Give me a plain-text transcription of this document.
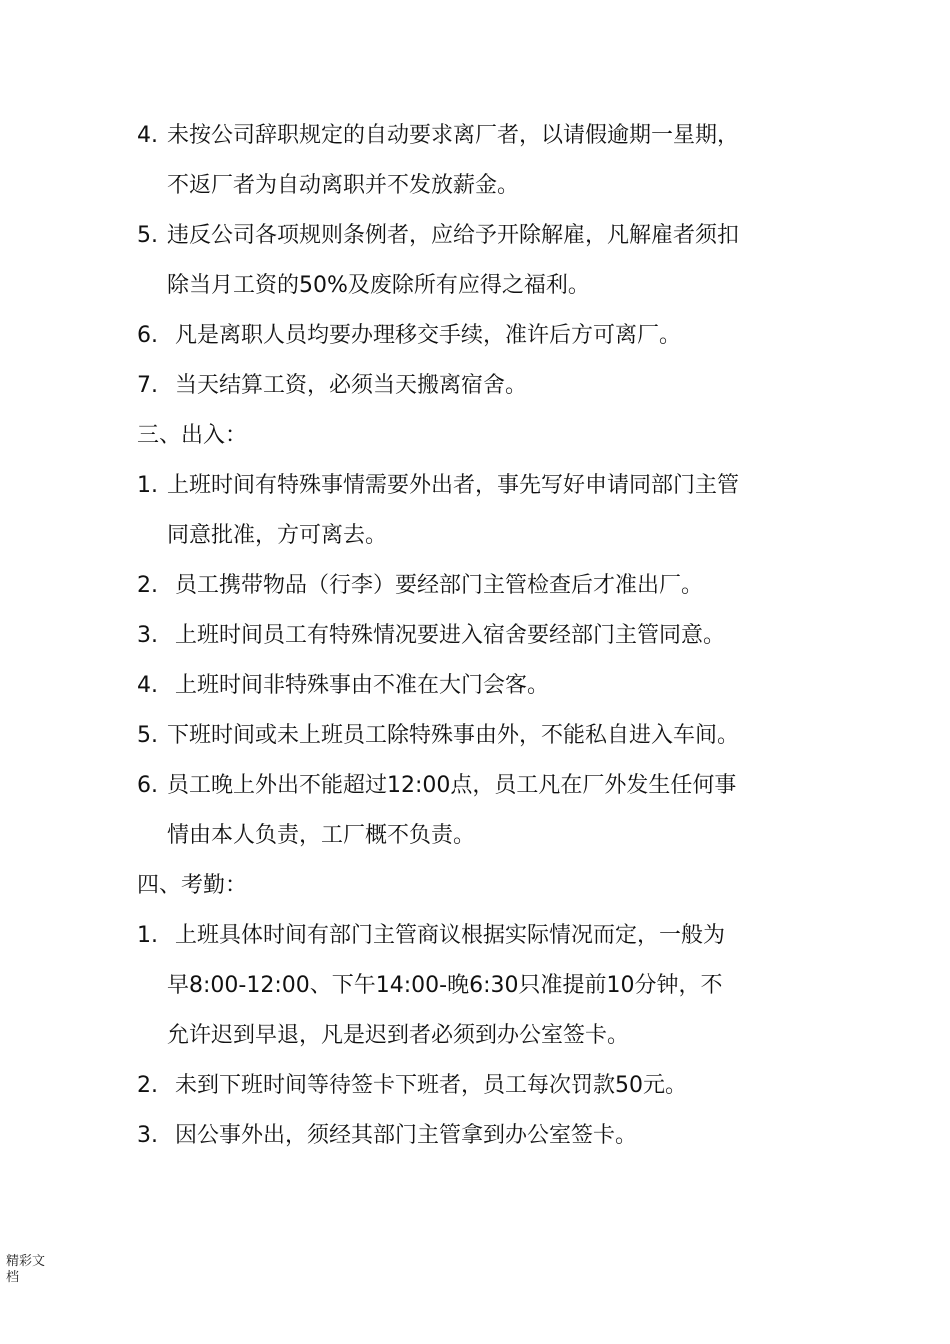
4. 未按公司辞职规定的自动要求离厂者，以请假逾期一星期，
不返厂者为自动离职并不发放薪金。
5. 违反公司各项规则条例者，应给予开除解雇，凡解雇者须扣
除当月工资的50%及废除所有应得之福利。
6. 凡是离职人员均要办理移交手续，准许后方可离厂。
7. 当天结算工资，必须当天搬离宿舍。
三、出入：
1. 上班时间有特殊事情需要外出者，事先写好申请同部门主管
同意批准，方可离去。
2. 员工携带物品（行李）要经部门主管检查后才准出厂。
3. 上班时间员工有特殊情况要进入宿舍要经部门主管同意。
4. 上班时间非特殊事由不准在大门会客。
5. 下班时间或未上班员工除特殊事由外，不能私自进入车间。
6. 员工晚上外出不能超过12:00点，员工凡在厂外发生任何事
情由本人负责，工厂概不负责。
四、考勤：
1. 上班具体时间有部门主管商议根据实际情况而定，一般为
早8:00-12:00、下午14:00-晚6:30只准提前10分钟，不
允许迟到早退，凡是迟到者必须到办公室签卡。
2. 未到下班时间等待签卡下班者，员工每次罚款50元。
3. 因公事外出，须经其部门主管拿到办公室签卡。
精彩文档
